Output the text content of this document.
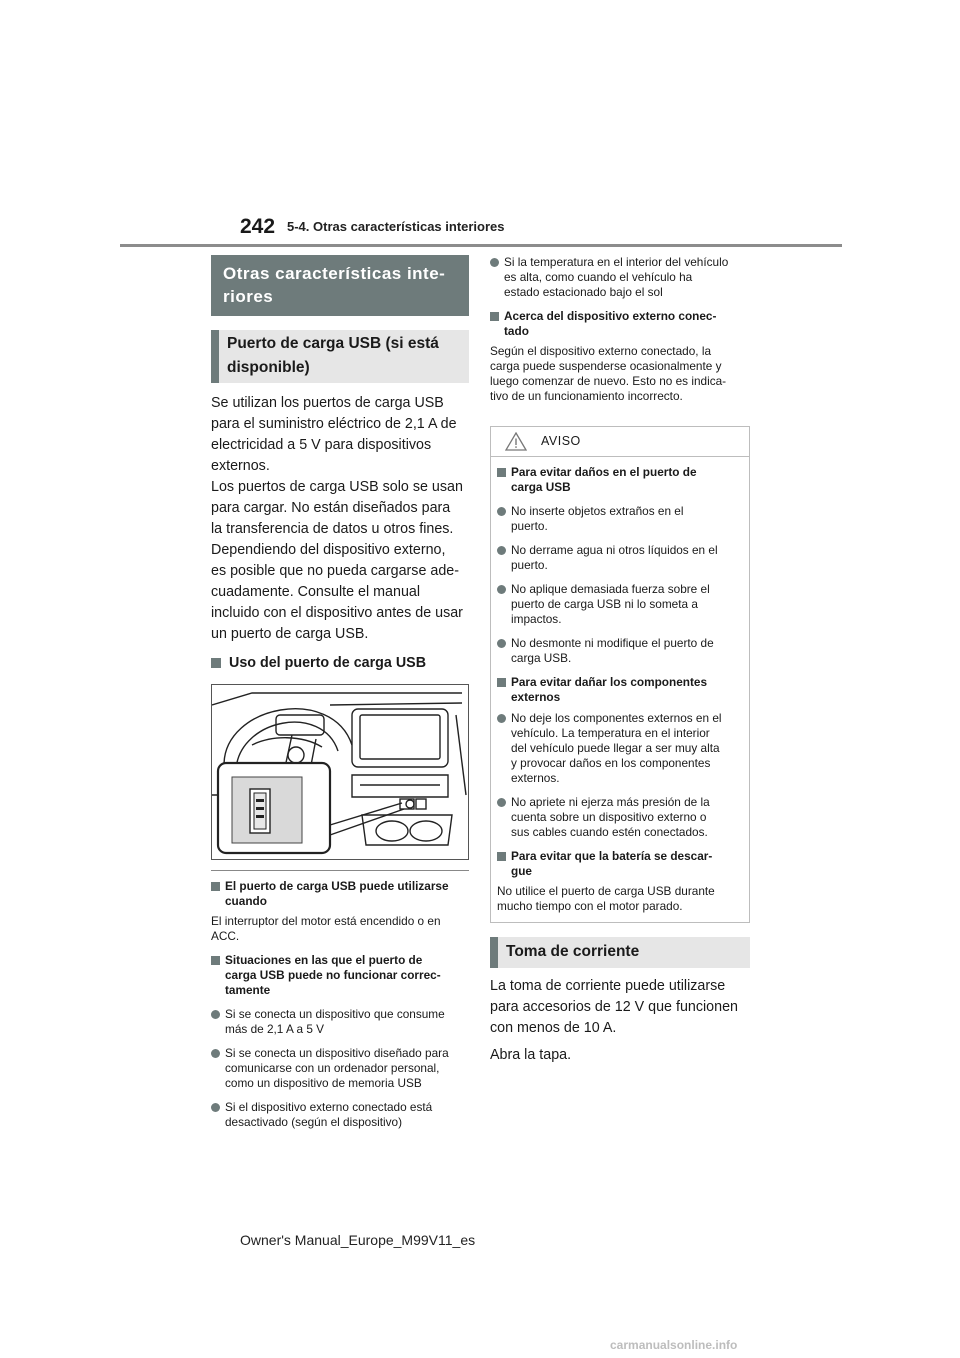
242 5-4. Otras características interiores
Otras características inte-
riores
Puerto de carga USB (si está
disponible)
Se utilizan los puertos de carga USB
para el suministro eléctrico de 2,1 A de
electricidad a 5 V para dispositivos
externos.
Los puertos de carga USB solo se usan
para cargar. No están diseñados para
la transferencia de datos u otros fines.
Dependiendo del dispositivo externo,
es posible que no pueda cargarse ade-
cuadamente. Consulte el manual
incluido con el dispositivo antes de usar
un puerto de carga USB.
Uso del puerto de carga USB
El puerto de carga USB puede utilizarse
cuando
El interruptor del motor está encendido o en
ACC.
Situaciones en las que el puerto de
carga USB puede no funcionar correc-
tamente
Si se conecta un dispositivo que consume
más de 2,1 A a 5 V
Si se conecta un dispositivo diseñado para
comunicarse con un ordenador personal,
como un dispositivo de memoria USB
Si el dispositivo externo conectado está
desactivado (según el dispositivo)
Si la temperatura en el interior del vehículo
es alta, como cuando el vehículo ha
estado estacionado bajo el sol
Acerca del dispositivo externo conec-
tado
Según el dispositivo externo conectado, la
carga puede suspenderse ocasionalmente y
luego comenzar de nuevo. Esto no es indica-
tivo de un funcionamiento incorrecto.
AVISO
Para evitar daños en el puerto de
carga USB
No inserte objetos extraños en el
puerto.
No derrame agua ni otros líquidos en el
puerto.
No aplique demasiada fuerza sobre el
puerto de carga USB ni lo someta a
impactos.
No desmonte ni modifique el puerto de
carga USB.
Para evitar dañar los componentes
externos
No deje los componentes externos en el
vehículo. La temperatura en el interior
del vehículo puede llegar a ser muy alta
y provocar daños en los componentes
externos.
No apriete ni ejerza más presión de la
cuenta sobre un dispositivo externo o
sus cables cuando estén conectados.
Para evitar que la batería se descar-
gue
No utilice el puerto de carga USB durante
mucho tiempo con el motor parado.
Toma de corriente
La toma de corriente puede utilizarse
para accesorios de 12 V que funcionen
con menos de 10 A.
Abra la tapa.
Owner's Manual_Europe_M99V11_es
carmanualsonline.info
